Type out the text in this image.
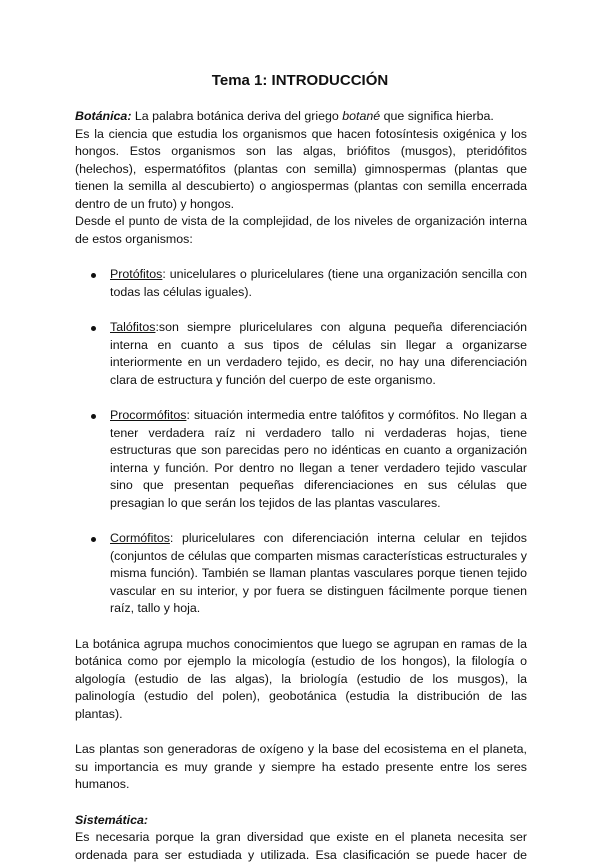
Tema 1: INTRODUCCIÓN

Botánica: La palabra botánica deriva del griego botané que significa hierba.

Es la ciencia que estudia los organismos que hacen fotosíntesis oxigénica y los hongos. Estos organismos son las algas, briófitos (musgos), pteridófitos (helechos), espermatófitos (plantas con semilla) gimnospermas (plantas que tienen la semilla al descubierto) o angiospermas (plantas con semilla encerrada dentro de un fruto) y hongos.

Desde el punto de vista de la complejidad, de los niveles de organización interna de estos organismos:

Protófitos: unicelulares o pluricelulares (tiene una organización sencilla con todas las células iguales).

Talófitos:son siempre pluricelulares con alguna pequeña diferenciación interna en cuanto a sus tipos de células sin llegar a organizarse interiormente en un verdadero tejido, es decir, no hay una diferenciación clara de estructura y función del cuerpo de este organismo.

Procormófitos: situación intermedia entre talófitos y cormófitos. No llegan a tener verdadera raíz ni verdadero tallo ni verdaderas hojas, tiene estructuras que son parecidas pero no idénticas en cuanto a organización interna y función. Por dentro no llegan a tener verdadero tejido vascular sino que presentan pequeñas diferenciaciones en sus células que presagian lo que serán los tejidos de las plantas vasculares.

Cormófitos: pluricelulares con diferenciación interna celular en tejidos (conjuntos de células que comparten mismas características estructurales y misma función). También se llaman plantas vasculares porque tienen tejido vascular en su interior, y por fuera se distinguen fácilmente porque tienen raíz, tallo y hoja.

La botánica agrupa muchos conocimientos que luego se agrupan en ramas de la botánica como por ejemplo la micología (estudio de los hongos), la filología o algología (estudio de las algas), la briología (estudio de los musgos), la palinología (estudio del polen), geobotánica (estudia la distribución de las plantas).

Las plantas son generadoras de oxígeno y la base del ecosistema en el planeta, su importancia es muy grande y siempre ha estado presente entre los seres humanos.

Sistemática:

Es necesaria porque la gran diversidad que existe en el planeta necesita ser ordenada para ser estudiada y utilizada. Esa clasificación se puede hacer de
